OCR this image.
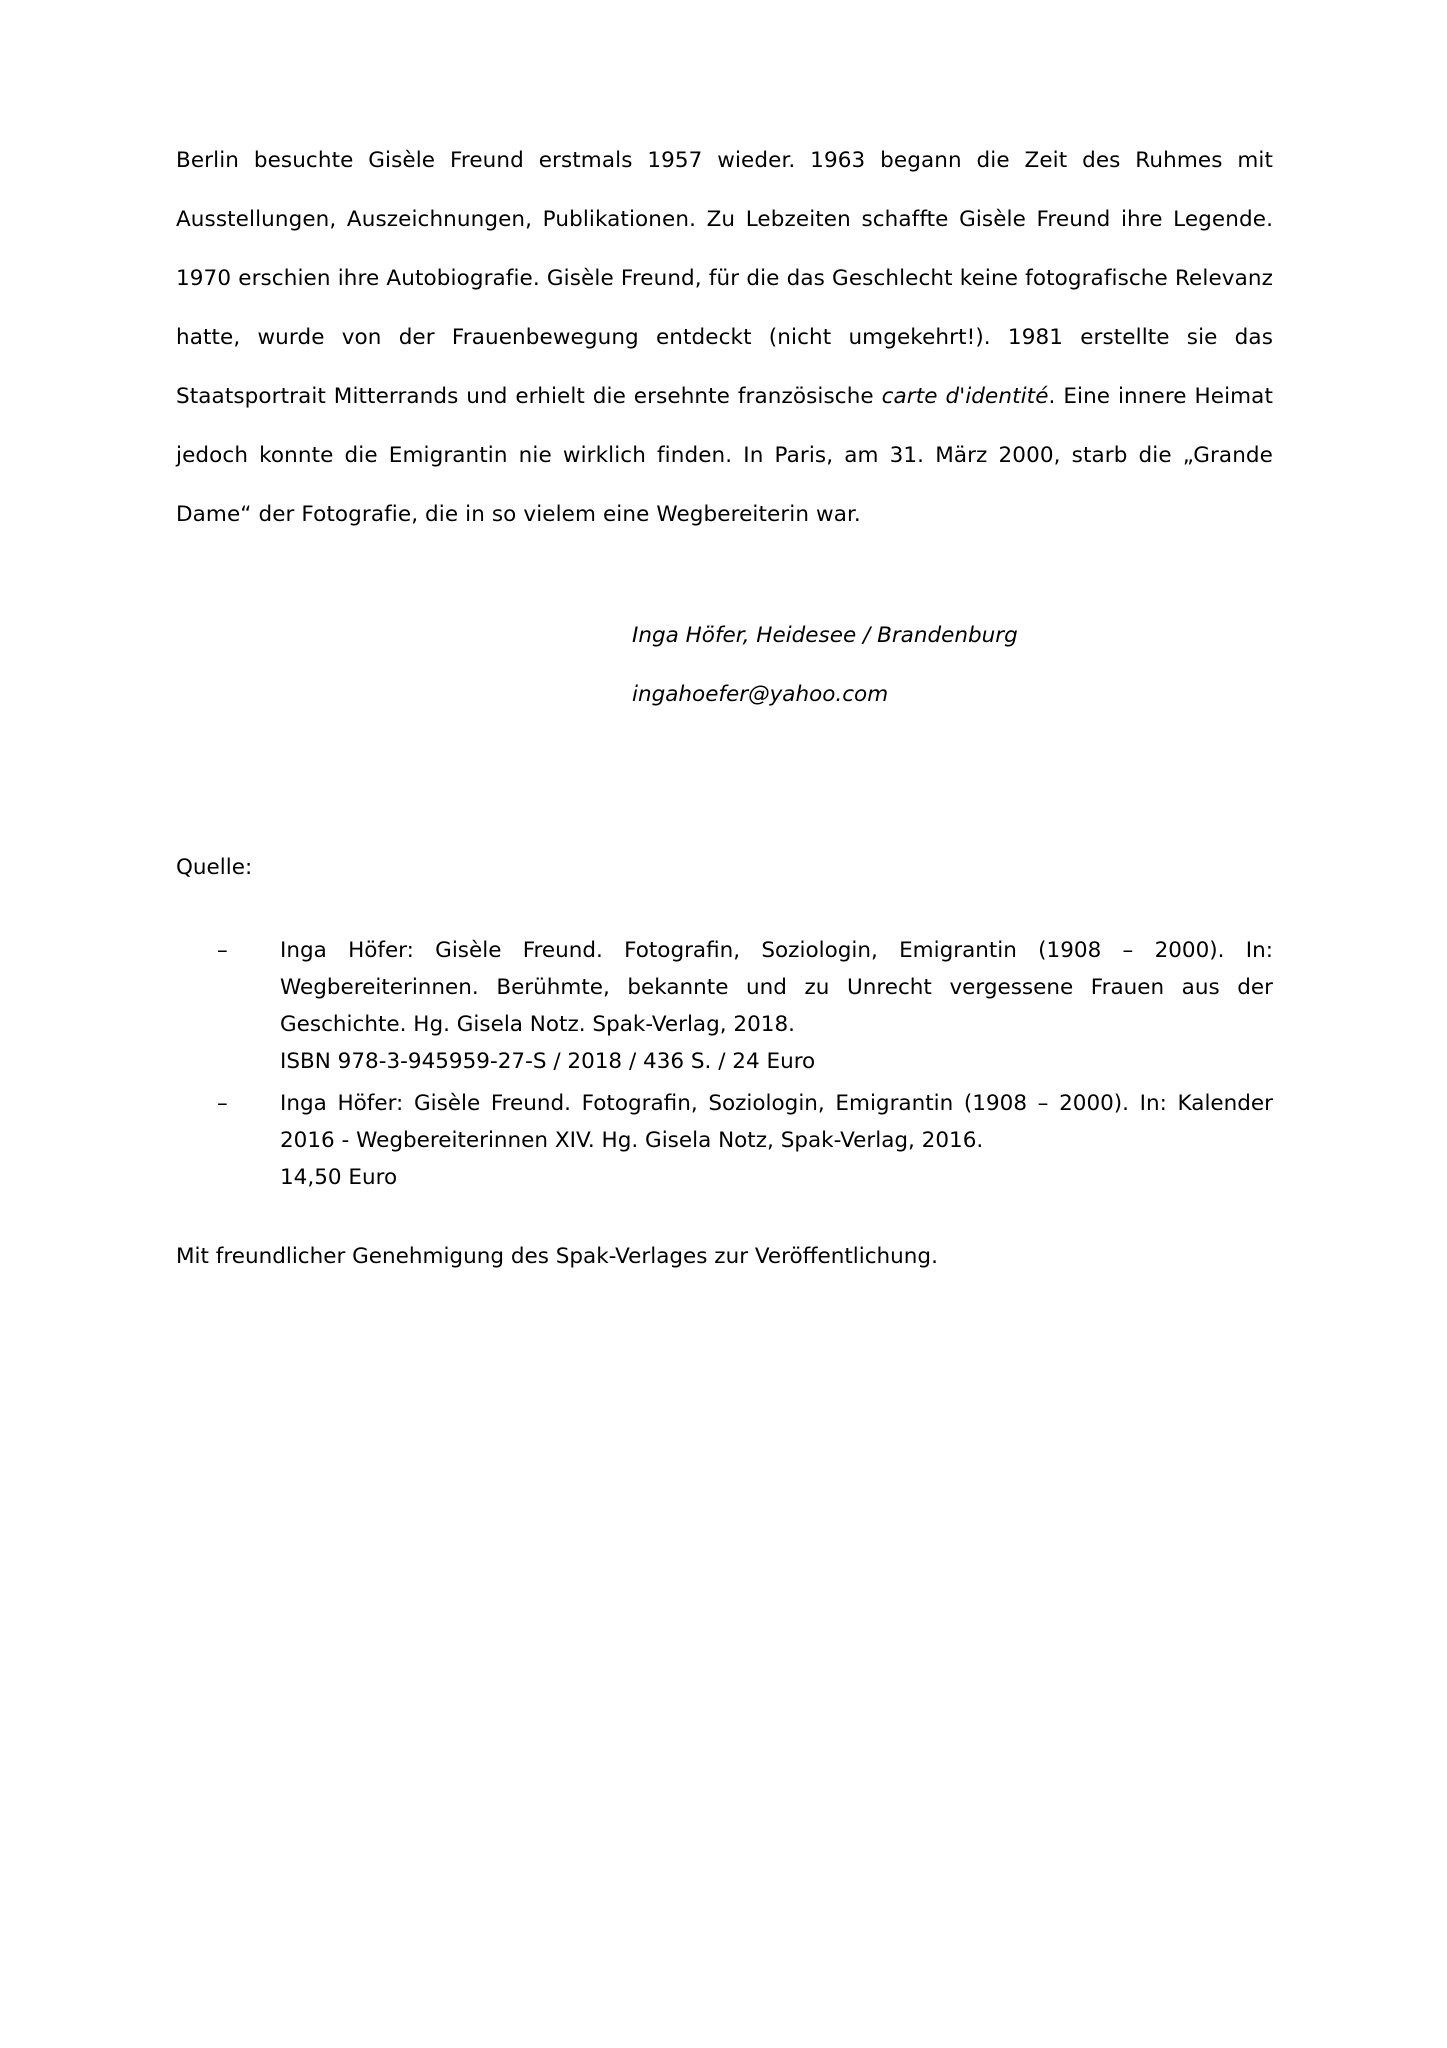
Berlin besuchte Gisèle Freund erstmals 1957 wieder. 1963 begann die Zeit des Ruhmes mit Ausstellungen, Auszeichnungen, Publikationen. Zu Lebzeiten schaffte Gisèle Freund ihre Legende. 1970 erschien ihre Autobiografie. Gisèle Freund, für die das Geschlecht keine fotografische Relevanz hatte, wurde von der Frauenbewegung entdeckt (nicht umgekehrt!). 1981 erstellte sie das Staatsportrait Mitterrands und erhielt die ersehnte französische carte d'identité. Eine innere Heimat jedoch konnte die Emigrantin nie wirklich finden. In Paris, am 31. März 2000, starb die „Grande Dame“ der Fotografie, die in so vielem eine Wegbereiterin war.

Inga Höfer, Heidesee / Brandenburg
ingahoefer@yahoo.com
Quelle:
–	Inga Höfer: Gisèle Freund. Fotografin, Soziologin, Emigrantin (1908 – 2000). In: Wegbereiterinnen. Berühmte, bekannte und zu Unrecht vergessene Frauen aus der Geschichte. Hg. Gisela Notz. Spak-Verlag, 2018.

ISBN 978-3-945959-27-S / 2018 / 436 S. / 24 Euro

–	Inga Höfer: Gisèle Freund. Fotografin, Soziologin, Emigrantin (1908 – 2000). In: Kalender 2016 - Wegbereiterinnen XIV. Hg. Gisela Notz, Spak-Verlag, 2016.

14,50 Euro

Mit freundlicher Genehmigung des Spak-Verlages zur Veröffentlichung.
